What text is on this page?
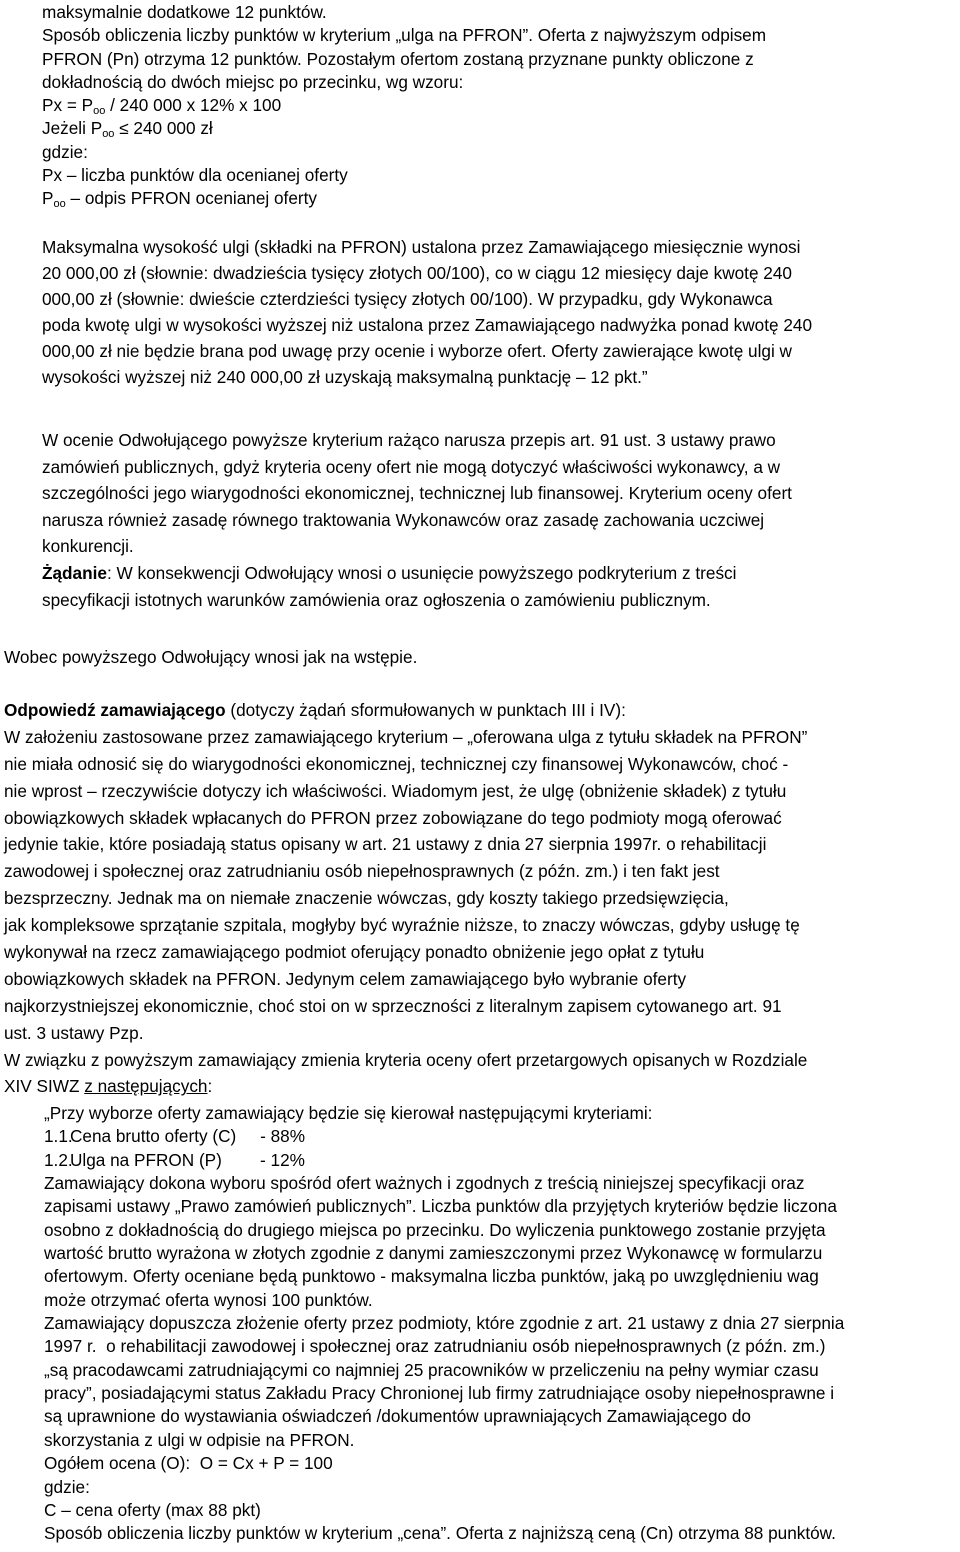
maksymalnie dodatkowe 12 punktów.
Sposób obliczenia liczby punktów w kryterium „ulga na PFRON”. Oferta z najwyższym odpisem
PFRON (Pn) otrzyma 12 punktów. Pozostałym ofertom zostaną przyznane punkty obliczone z
dokładnością do dwóch miejsc po przecinku, wg wzoru:
$Px = P_{oo} / 240$ 000 x 12% x 100
Jeżeli $P_{oo} \le 240$ 000 zł
gdzie:
Px – liczba punktów dla ocenianej oferty
$P_{oo}$ – odpis PFRON ocenianej oferty
Maksymalna wysokość ulgi (składki na PFRON) ustalona przez Zamawiającego miesięcznie wynosi
20 000,00 zł (słownie: dwadzieścia tysięcy złotych 00/100), co w ciągu 12 miesięcy daje kwotę 240
000,00 zł (słownie: dwieście czterdzieści tysięcy złotych 00/100). W przypadku, gdy Wykonawca
poda kwotę ulgi w wysokości wyższej niż ustalona przez Zamawiającego nadwyżka ponad kwotę 240
000,00 zł nie będzie brana pod uwagę przy ocenie i wyborze ofert. Oferty zawierające kwotę ulgi w
wysokości wyższej niż 240 000,00 zł uzyskają maksymalną punktację – 12 pkt.”
W ocenie Odwołującego powyższe kryterium rażąco narusza przepis art. 91 ust. 3 ustawy prawo
zamówień publicznych, gdyż kryteria oceny ofert nie mogą dotyczyć właściwości wykonawcy, a w
szczególności jego wiarygodności ekonomicznej, technicznej lub finansowej. Kryterium oceny ofert
narusza również zasadę równego traktowania Wykonawców oraz zasadę zachowania uczciwej
konkurencji.
Żądanie: W konsekwencji Odwołujący wnosi o usunięcie powyższego podkryterium z treści
specyfikacji istotnych warunków zamówienia oraz ogłoszenia o zamówieniu publicznym.
Wobec powyższego Odwołujący wnosi jak na wstępie.
Odpowiedź zamawiającego (dotyczy żądań sformułowanych w punktach III i IV):
W założeniu zastosowane przez zamawiającego kryterium – „oferowana ulga z tytułu składek na PFRON”
nie miała odnosić się do wiarygodności ekonomicznej, technicznej czy finansowej Wykonawców, choć -
nie wprost – rzeczywiście dotyczy ich właściwości. Wiadomym jest, że ulgę (obniżenie składek) z tytułu
obowiązkowych składek wpłacanych do PFRON przez zobowiązane do tego podmioty mogą oferować
jedynie takie, które posiadają status opisany w art. 21 ustawy z dnia 27 sierpnia 1997r. o rehabilitacji
zawodowej i społecznej oraz zatrudnianiu osób niepełnosprawnych (z późn. zm.) i ten fakt jest
bezsprzeczny. Jednak ma on niemałe znaczenie wówczas, gdy koszty takiego przedsięwzięcia,
jak kompleksowe sprzątanie szpitala, mogłyby być wyraźnie niższe, to znaczy wówczas, gdyby usługę tę
wykonywał na rzecz zamawiającego podmiot oferujący ponadto obniżenie jego opłat z tytułu
obowiązkowych składek na PFRON. Jedynym celem zamawiającego było wybranie oferty
najkorzystniejszej ekonomicznie, choć stoi on w sprzeczności z literalnym zapisem cytowanego art. 91
ust. 3 ustawy Pzp.
W związku z powyższym zamawiający zmienia kryteria oceny ofert przetargowych opisanych w Rozdziale
XIV SIWZ z następujących:
„Przy wyborze oferty zamawiający będzie się kierował następującymi kryteriami:
1.1.Cena brutto oferty (C)     - 88%
1.2.Ulga na PFRON (P)        - 12%
Zamawiający dokona wyboru spośród ofert ważnych i zgodnych z treścią niniejszej specyfikacji oraz
zapisami ustawy „Prawo zamówień publicznych”. Liczba punktów dla przyjętych kryteriów będzie liczona
osobno z dokładnością do drugiego miejsca po przecinku. Do wyliczenia punktowego zostanie przyjęta
wartość brutto wyrażona w złotych zgodnie z danymi zamieszczonymi przez Wykonawcę w formularzu
ofertowym. Oferty oceniane będą punktowo - maksymalna liczba punktów, jaką po uwzględnieniu wag
może otrzymać oferta wynosi 100 punktów.
Zamawiający dopuszcza złożenie oferty przez podmioty, które zgodnie z art. 21 ustawy z dnia 27 sierpnia
1997 r.  o rehabilitacji zawodowej i społecznej oraz zatrudnianiu osób niepełnosprawnych (z późn. zm.)
„są pracodawcami zatrudniającymi co najmniej 25 pracowników w przeliczeniu na pełny wymiar czasu
pracy”, posiadającymi status Zakładu Pracy Chronionej lub firmy zatrudniające osoby niepełnosprawne i
są uprawnione do wystawiania oświadczeń /dokumentów uprawniających Zamawiającego do
skorzystania z ulgi w odpisie na PFRON.
Ogółem ocena (O):  O = Cx + P = 100
gdzie:
C – cena oferty (max 88 pkt)
Sposób obliczenia liczby punktów w kryterium „cena”. Oferta z najniższą ceną (Cn) otrzyma 88 punktów.
